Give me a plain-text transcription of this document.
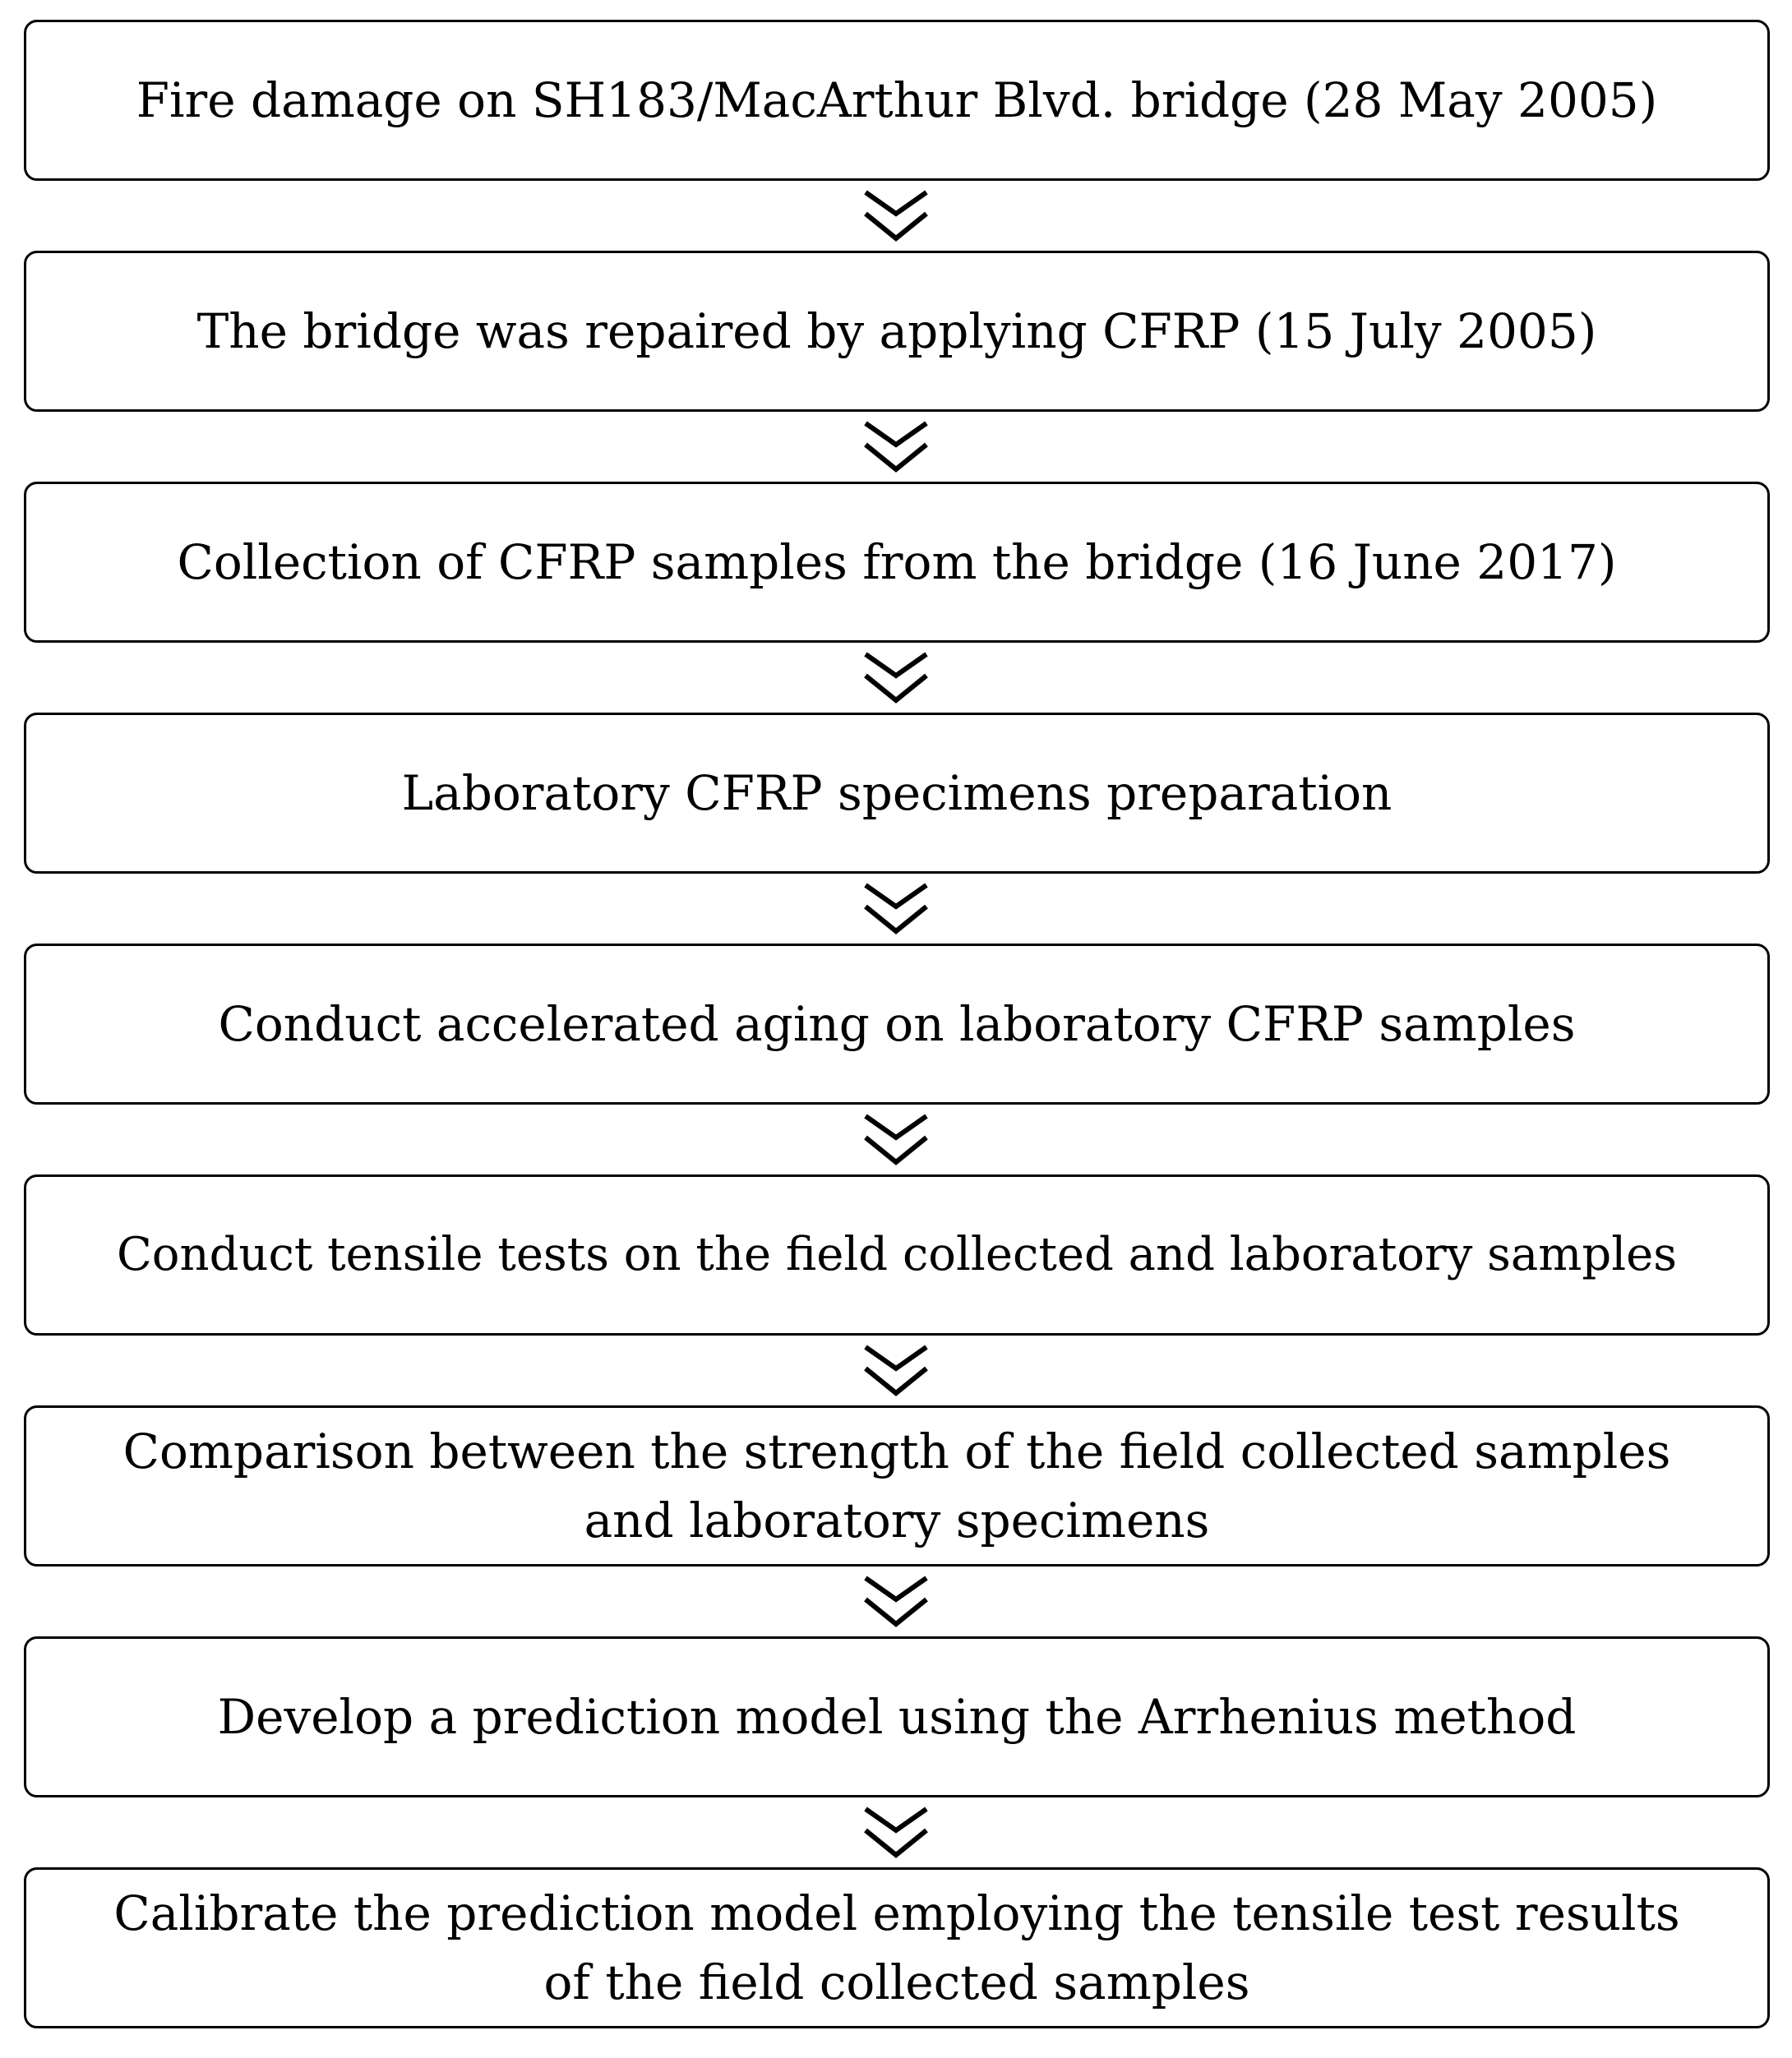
Fire damage on SH183/MacArthur Blvd. bridge (28 May 2005)
The bridge was repaired by applying CFRP (15 July 2005)
Collection of CFRP samples from the bridge (16 June 2017)
Laboratory CFRP specimens preparation
Conduct accelerated aging on laboratory CFRP samples
Conduct tensile tests on the field collected and laboratory samples
Comparison between the strength of the field collected samples
and laboratory specimens
Develop a prediction model using the Arrhenius method
Calibrate the prediction model employing the tensile test results
of the field collected samples
